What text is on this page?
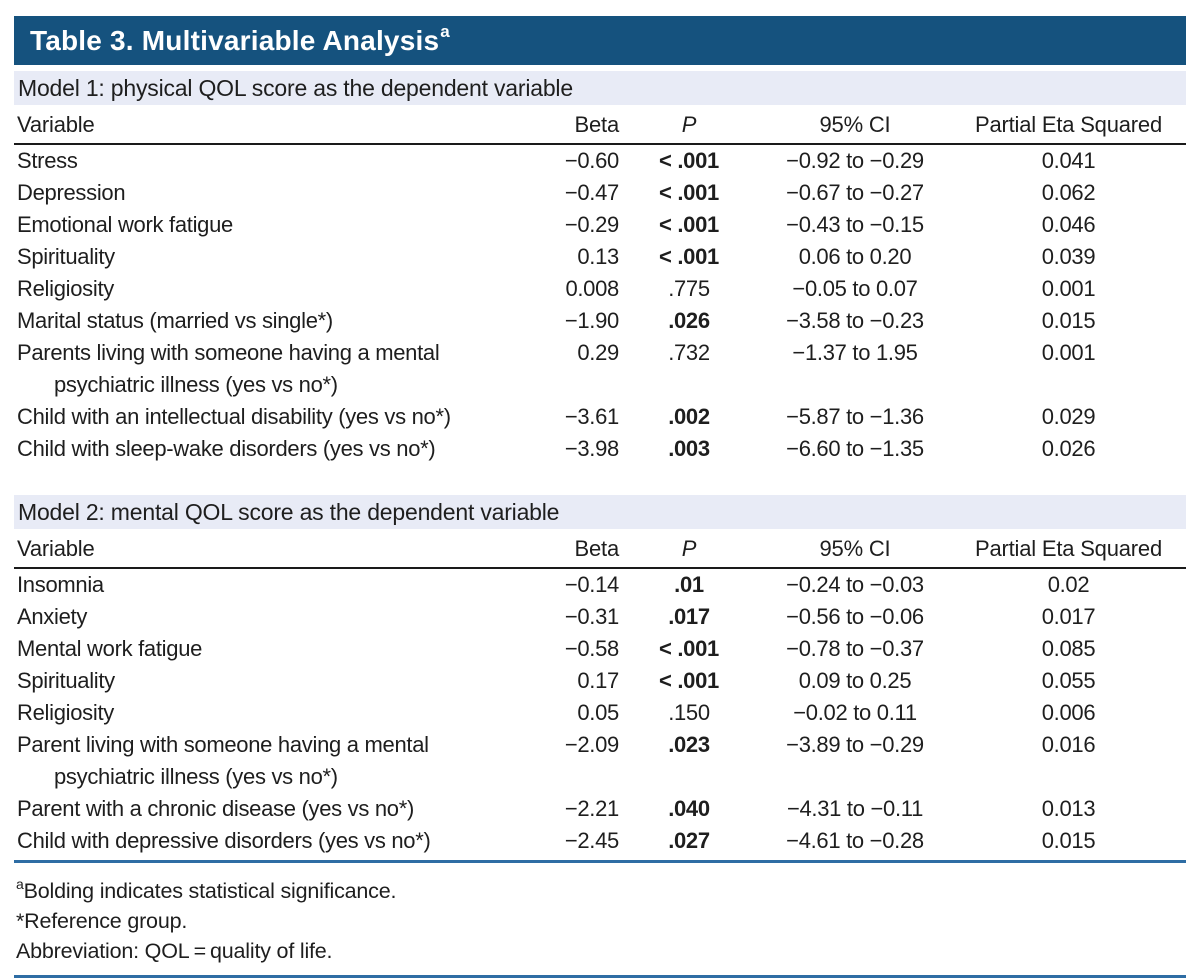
Table 3. Multivariable Analysis$^a$
Model 1: physical QOL score as the dependent variable
Variable	Beta	P	95% CI	Partial Eta Squared
Stress	−0.60	< .001	−0.92 to −0.29	0.041
Depression	−0.47	< .001	−0.67 to −0.27	0.062
Emotional work fatigue	−0.29	< .001	−0.43 to −0.15	0.046
Spirituality	0.13	< .001	0.06 to 0.20	0.039
Religiosity	0.008	.775	−0.05 to 0.07	0.001
Marital status (married vs single*)	−1.90	.026	−3.58 to −0.23	0.015
Parents living with someone having a mental
psychiatric illness (yes vs no*)
0.29	.732	−1.37 to 1.95	0.001
Child with an intellectual disability (yes vs no*)	−3.61	.002	−5.87 to −1.36	0.029
Child with sleep-wake disorders (yes vs no*)	−3.98	.003	−6.60 to −1.35	0.026
Model 2: mental QOL score as the dependent variable
Variable	Beta	P	95% CI	Partial Eta Squared
Insomnia	−0.14	.01	−0.24 to −0.03	0.02
Anxiety	−0.31	.017	−0.56 to −0.06	0.017
Mental work fatigue	−0.58	< .001	−0.78 to −0.37	0.085
Spirituality	0.17	< .001	0.09 to 0.25	0.055
Religiosity	0.05	.150	−0.02 to 0.11	0.006
Parent living with someone having a mental
psychiatric illness (yes vs no*)
−2.09	.023	−3.89 to −0.29	0.016
Parent with a chronic disease (yes vs no*)	−2.21	.040	−4.31 to −0.11	0.013
Child with depressive disorders (yes vs no*)	−2.45	.027	−4.61 to −0.28	0.015
$^a$Bolding indicates statistical significance.
*Reference group.
Abbreviation: QOL = quality of life.
